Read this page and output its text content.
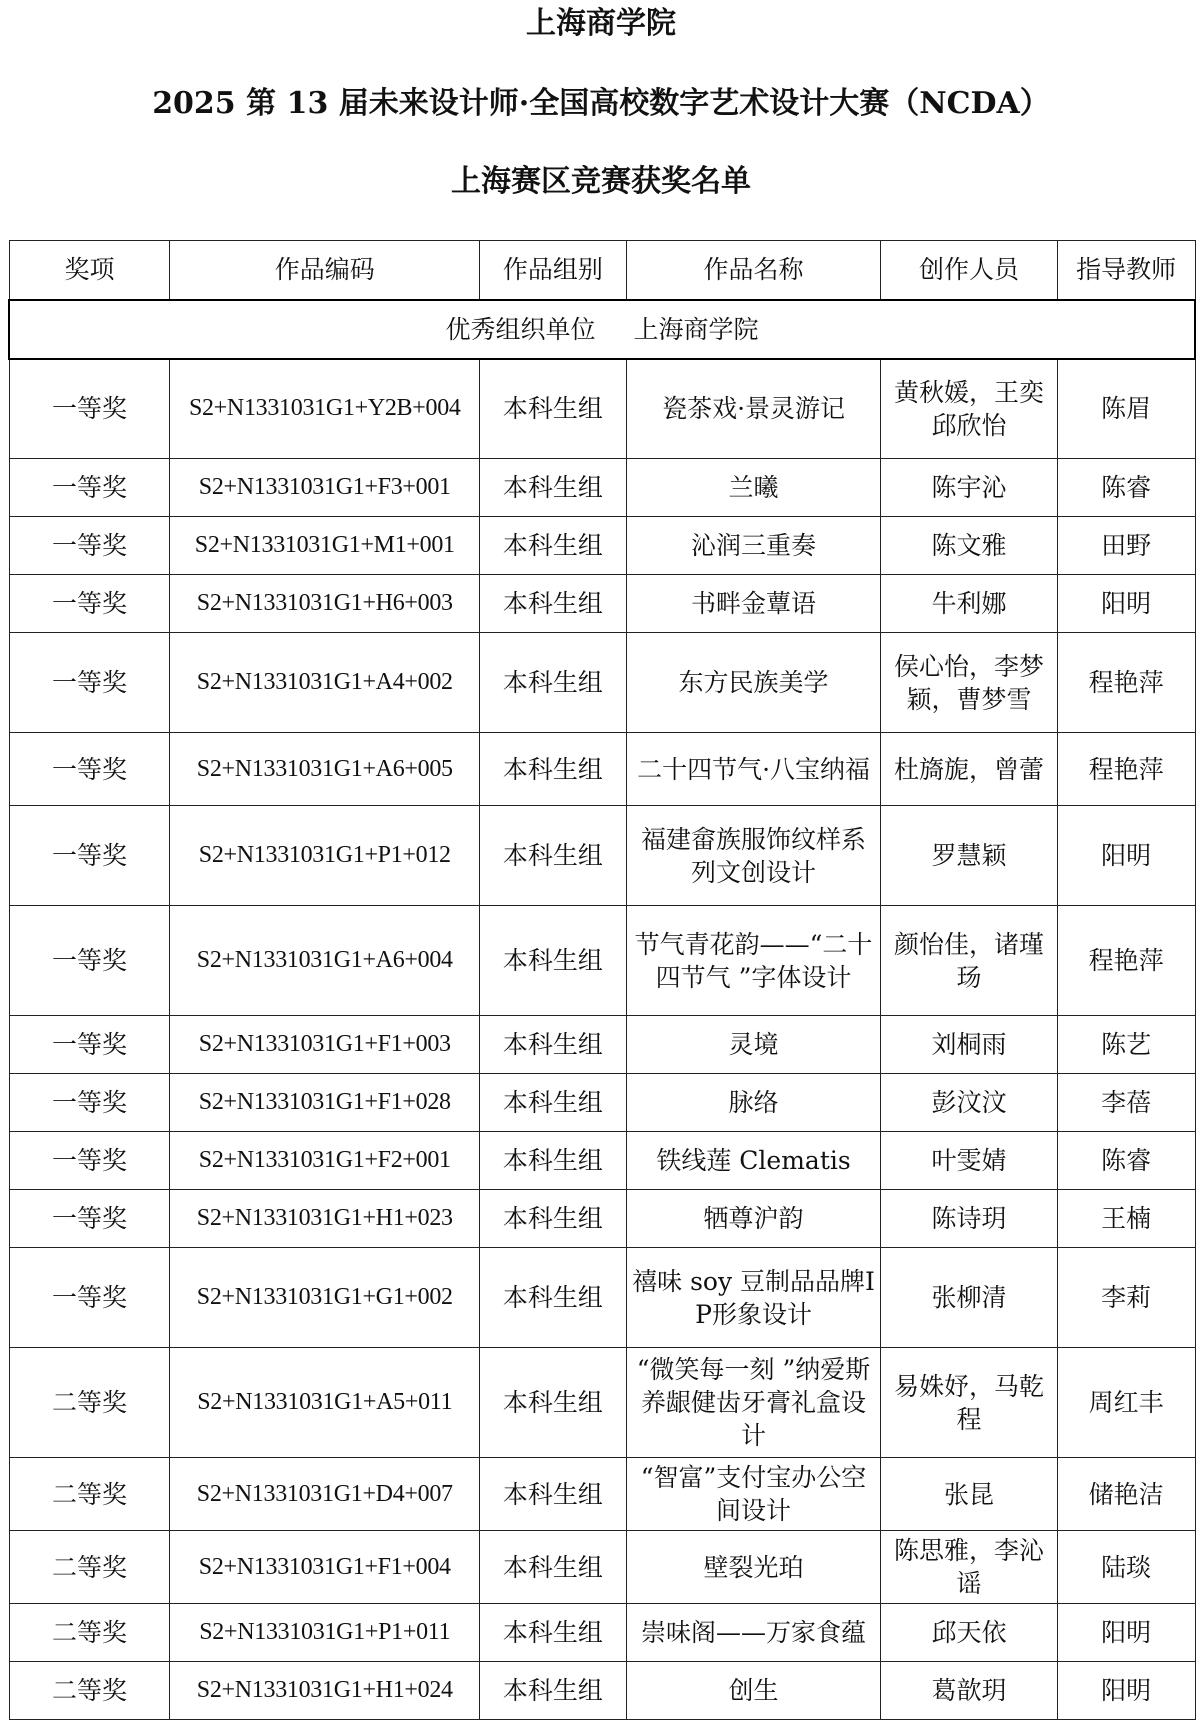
上海商学院
2025 第 13 届未来设计师·全国高校数字艺术设计大赛（NCDA）
上海赛区竞赛获奖名单
奖项	作品编码	作品组别	作品名称	创作人员	指导教师
优秀组织单位 上海商学院					
一等奖	S2+N1331031G1+Y2B+004	本科生组	瓷茶戏·景灵游记	黄秋媛，王奕邱欣怡	陈眉
一等奖	S2+N1331031G1+F3+001	本科生组	兰曦	陈宇沁	陈睿
一等奖	S2+N1331031G1+M1+001	本科生组	沁润三重奏	陈文雅	田野
一等奖	S2+N1331031G1+H6+003	本科生组	书畔金蕈语	牛利娜	阳明
一等奖	S2+N1331031G1+A4+002	本科生组	东方民族美学	侯心怡，李梦颖，曹梦雪	程艳萍
一等奖	S2+N1331031G1+A6+005	本科生组	二十四节气·八宝纳福	杜旖旎，曾蕾	程艳萍
一等奖	S2+N1331031G1+P1+012	本科生组	福建畲族服饰纹样系列文创设计	罗慧颖	阳明
一等奖	S2+N1331031G1+A6+004	本科生组	节气青花韵——“二十四节气 ”字体设计	颜怡佳，诸瑾玚	程艳萍
一等奖	S2+N1331031G1+F1+003	本科生组	灵境	刘桐雨	陈艺
一等奖	S2+N1331031G1+F1+028	本科生组	脉络	彭汶汶	李蓓
一等奖	S2+N1331031G1+F2+001	本科生组	铁线莲 Clematis	叶雯婧	陈睿
一等奖	S2+N1331031G1+H1+023	本科生组	牺尊沪韵	陈诗玥	王楠
一等奖	S2+N1331031G1+G1+002	本科生组	禧味 soy 豆制品品牌IP形象设计	张柳清	李莉
二等奖	S2+N1331031G1+A5+011	本科生组	“微笑每一刻 ”纳爱斯养龈健齿牙膏礼盒设计	易姝妤，马乾程	周红丰
二等奖	S2+N1331031G1+D4+007	本科生组	“智富”支付宝办公空间设计	张昆	储艳洁
二等奖	S2+N1331031G1+F1+004	本科生组	壁裂光珀	陈思雅，李沁谣	陆琰
二等奖	S2+N1331031G1+P1+011	本科生组	崇味阁——万家食蕴	邱天依	阳明
二等奖	S2+N1331031G1+H1+024	本科生组	创生	葛歆玥	阳明
